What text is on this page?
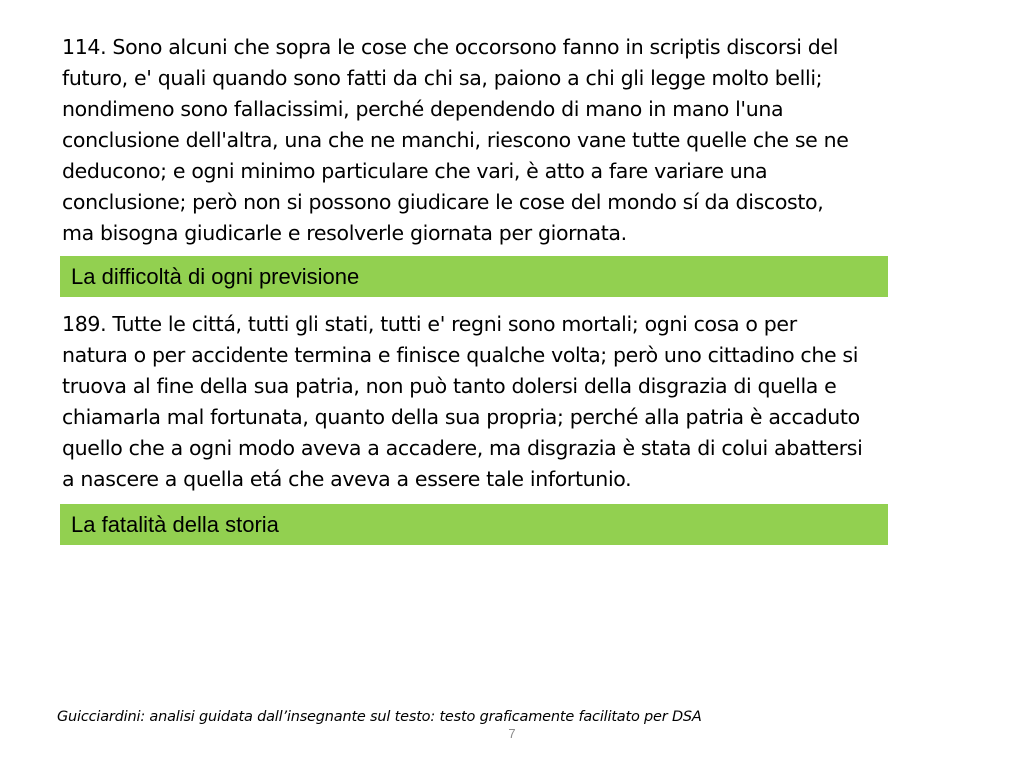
114. Sono alcuni che sopra le cose che occorsono fanno in scriptis discorsi del
futuro, e' quali quando sono fatti da chi sa, paiono a chi gli legge molto belli;
nondimeno sono fallacissimi, perché dependendo di mano in mano l'una
conclusione dell'altra, una che ne manchi, riescono vane tutte quelle che se ne
deducono; e ogni minimo particulare che vari, è atto a fare variare una
conclusione; però non si possono giudicare le cose del mondo sí da discosto,
ma bisogna giudicarle e resolverle giornata per giornata.

La difficoltà di ogni previsione

189. Tutte le cittá, tutti gli stati, tutti e' regni sono mortali; ogni cosa o per
natura o per accidente termina e finisce qualche volta; però uno cittadino che si
truova al fine della sua patria, non può tanto dolersi della disgrazia di quella e
chiamarla mal fortunata, quanto della sua propria; perché alla patria è accaduto
quello che a ogni modo aveva a accadere, ma disgrazia è stata di colui abattersi
a nascere a quella etá che aveva a essere tale infortunio.

La fatalità della storia
Guicciardini: analisi guidata dall’insegnante sul testo: testo graficamente facilitato per DSA
7
